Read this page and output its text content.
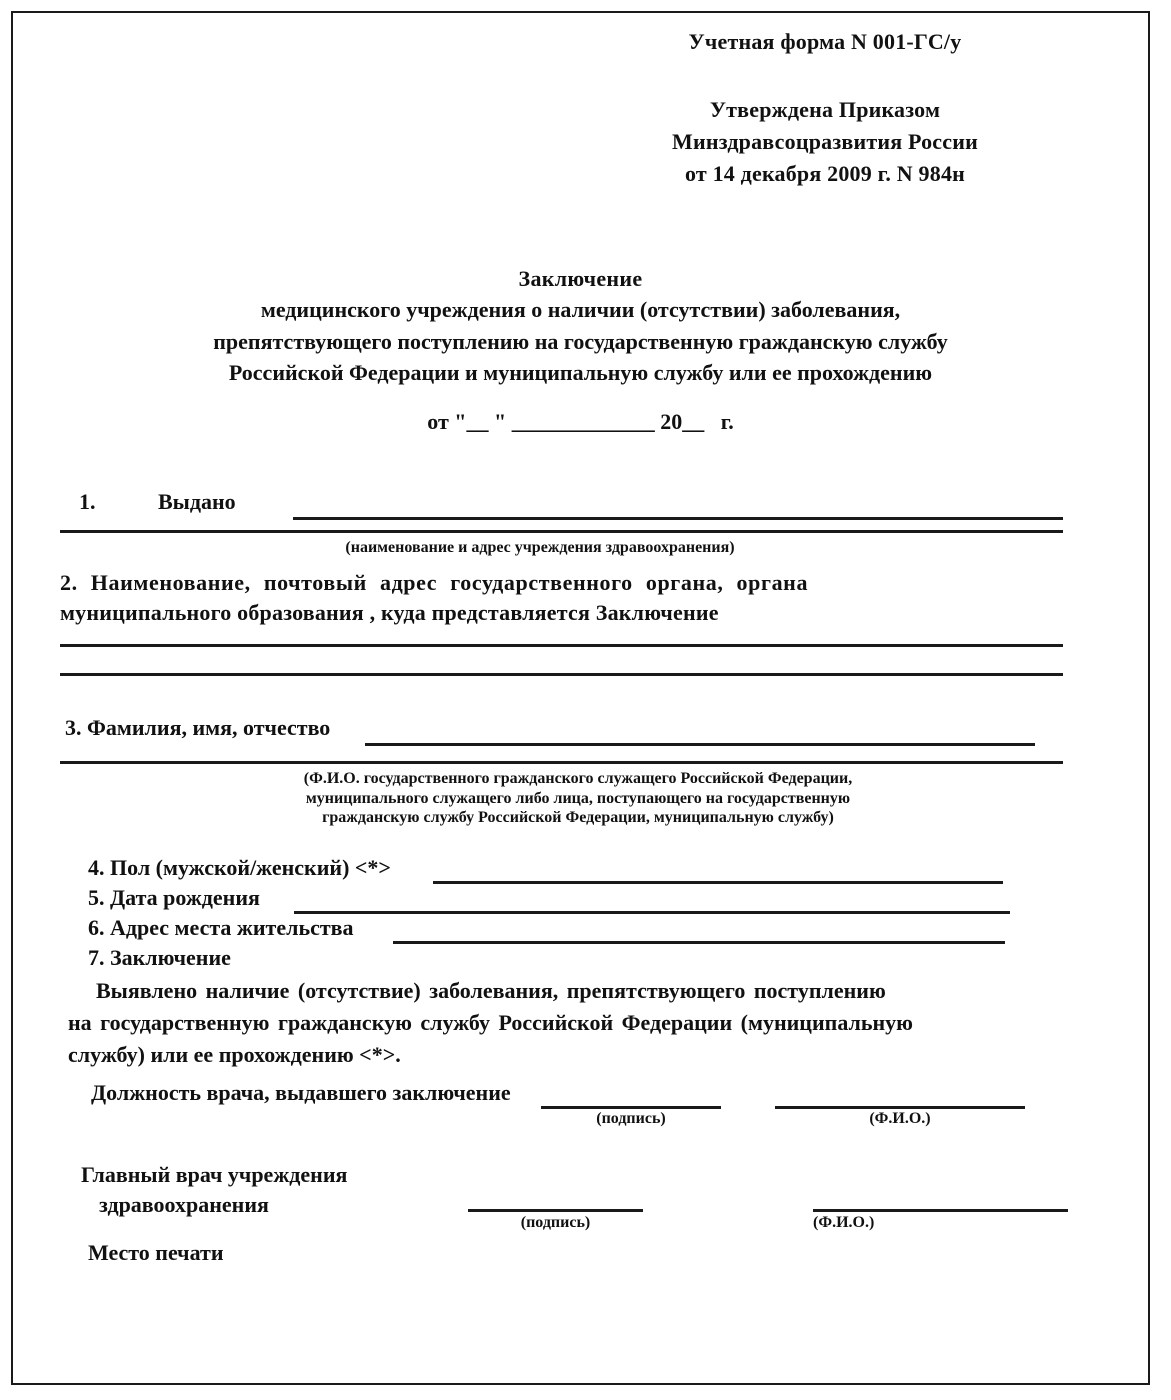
Учетная форма N 001-ГС/у
Утверждена Приказом
Минздравсоцразвития России
от 14 декабря 2009 г. N 984н
Заключение
медицинского учреждения о наличии (отсутствии) заболевания,
препятствующего поступлению на государственную гражданскую службу
Российской Федерации и муниципальную службу или ее прохождению
от "__ " _____________ 20__   г.
1.	Выдано
(наименование и адрес учреждения здравоохранения)
2. Наименование, почтовый адрес государственного органа, органа
муниципального образования , куда представляется Заключение
3. Фамилия, имя, отчество
(Ф.И.О. государственного гражданского служащего Российской Федерации,
муниципального служащего либо лица, поступающего на государственную
гражданскую службу Российской Федерации, муниципальную службу)
4. Пол (мужской/женский) <*>
5. Дата рождения
6. Адрес места жительства
7. Заключение
Выявлено наличие (отсутствие) заболевания, препятствующего поступлению
на государственную гражданскую службу Российской Федерации (муниципальную
службу) или ее прохождению <*>.
Должность врача, выдавшего заключение
(подпись)	(Ф.И.О.)
Главный врач учреждения
здравоохранения
(подпись)	(Ф.И.О.)
Место печати
